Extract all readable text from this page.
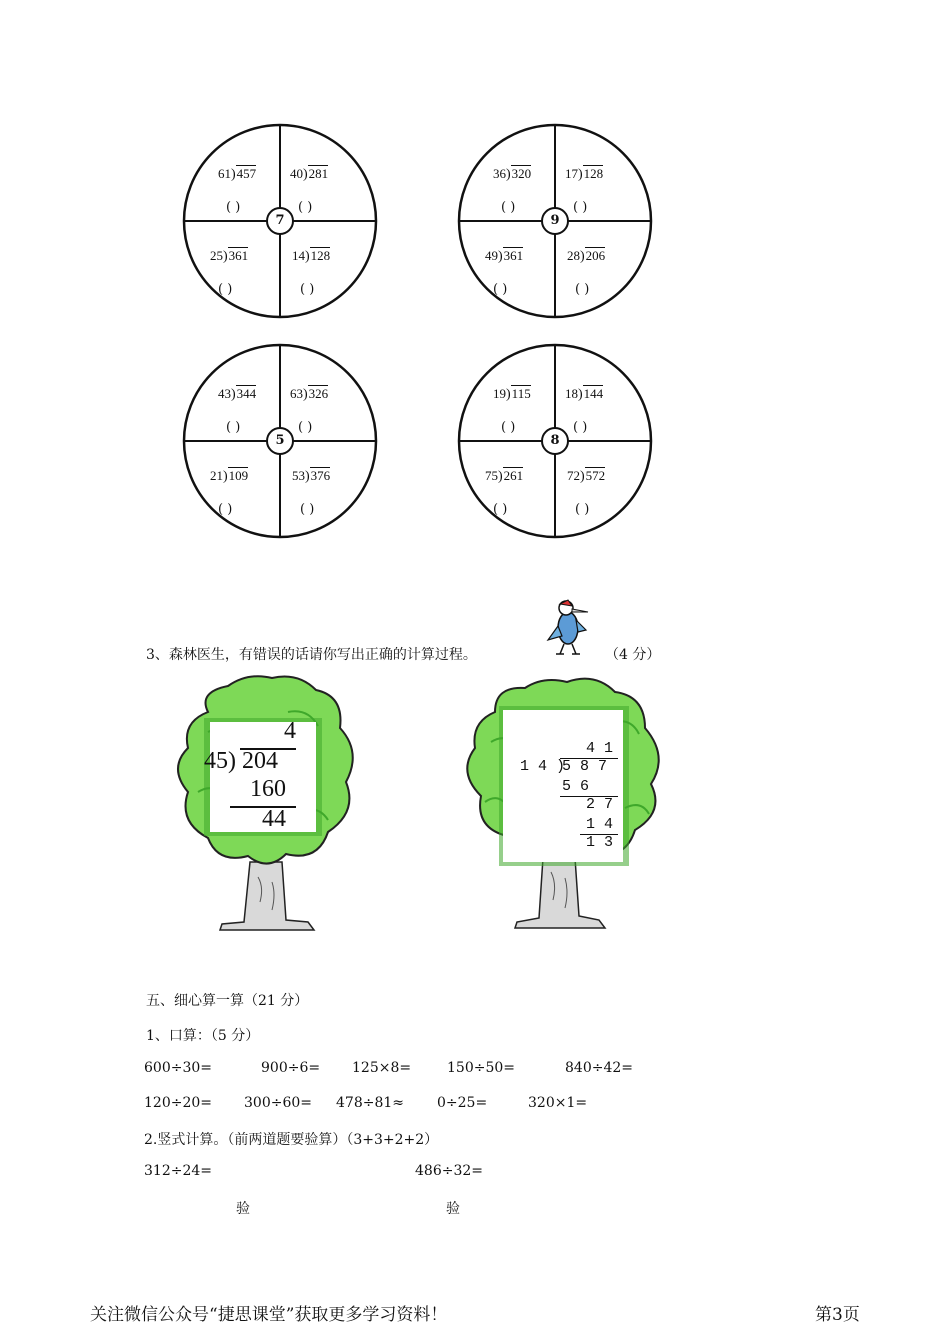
61)457
( )
40)281
( )
25)361
( )
14)128
( )
7
36)320
( )
17)128
( )
49)361
( )
28)206
( )
9
43)344
( )
63)326
( )
21)109
( )
53)376
( )
5
19)115
( )
18)144
( )
75)261
( )
72)572
( )
8
3、森林医生，有错误的话请你写出正确的计算过程。	（4 分）
4
45) 204
160
44
4 1
1 4 )
5 8 7
5 6
2 7
1 4
1 3
五、细心算一算（21 分）
1、口算：（5 分）
600÷30=	900÷6= 125×8=	150÷50=	840÷42=
120÷20= 300÷60= 478÷81≈ 0÷25=	320×1=
2.竖式计算。（前两道题要验算）（3+3+2+2）
312÷24=	486÷32=
验	验
关注微信公众号“捷思课堂”获取更多学习资料！	第3页
